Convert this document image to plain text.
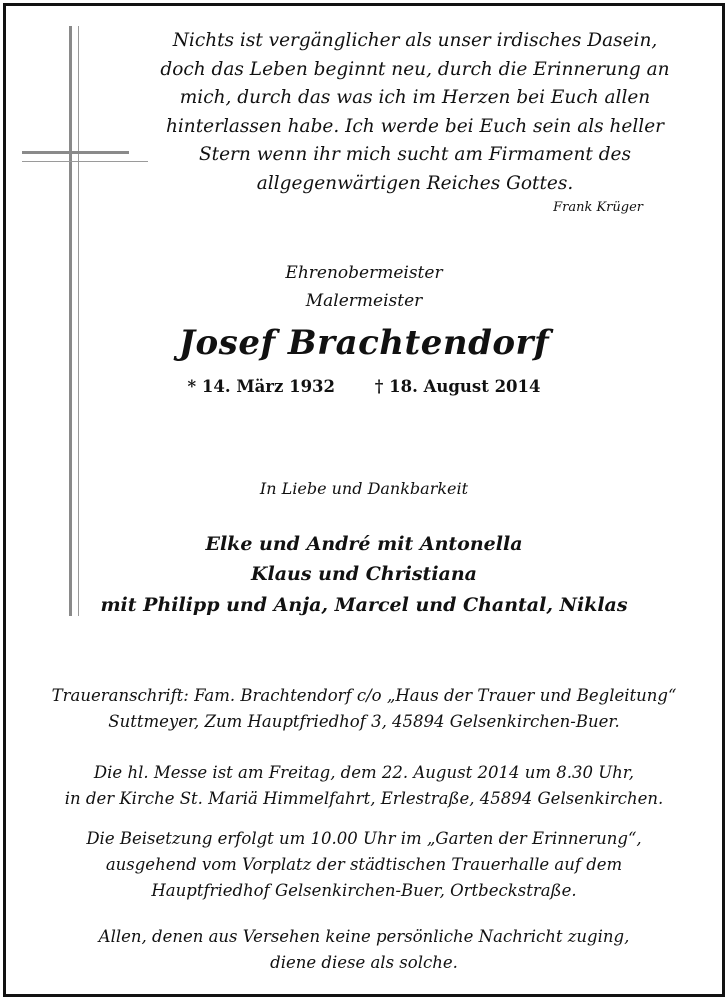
Nichts ist vergänglicher als unser irdisches Dasein,
doch das Leben beginnt neu, durch die Erinnerung an
mich, durch das was ich im Herzen bei Euch allen
hinterlassen habe. Ich werde bei Euch sein als heller
Stern wenn ihr mich sucht am Firmament des
allgegenwärtigen Reiches Gottes.
Frank Krüger
Ehrenobermeister
Malermeister
Josef Brachtendorf
* 14. März 1932 † 18. August 2014
In Liebe und Dankbarkeit
Elke und André mit Antonella
Klaus und Christiana
mit Philipp und Anja, Marcel und Chantal, Niklas
Traueranschrift: Fam. Brachtendorf c/o „Haus der Trauer und Begleitung“
Suttmeyer, Zum Hauptfriedhof 3, 45894 Gelsenkirchen-Buer.
Die hl. Messe ist am Freitag, dem 22. August 2014 um 8.30 Uhr,
in der Kirche St. Mariä Himmelfahrt, Erlestraße, 45894 Gelsenkirchen.
Die Beisetzung erfolgt um 10.00 Uhr im „Garten der Erinnerung“,
ausgehend vom Vorplatz der städtischen Trauerhalle auf dem
Hauptfriedhof Gelsenkirchen-Buer, Ortbeckstraße.
Allen, denen aus Versehen keine persönliche Nachricht zuging,
diene diese als solche.
